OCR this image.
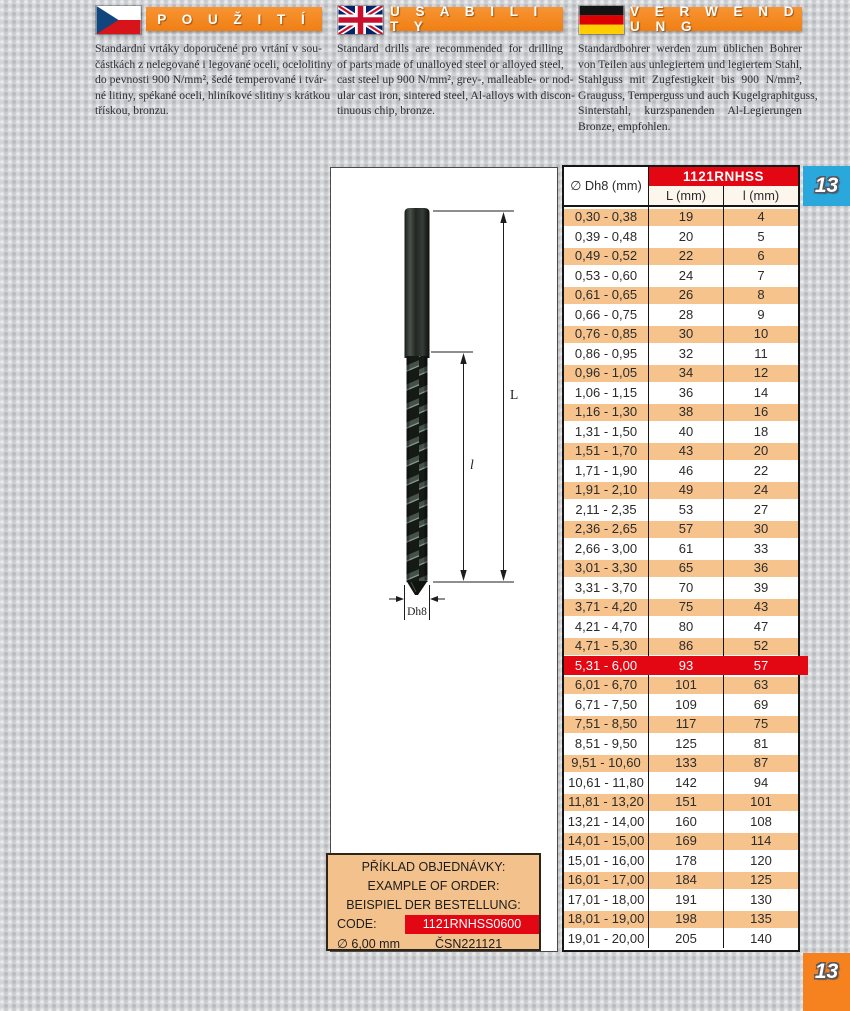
P O U Ž I T Í
Standardní vrtáky doporučené pro vrtání v sou-
částkách z nelegované i legované oceli, ocelolitiny
do pevnosti 900 N/mm², šedé temperované i tvár-
né litiny, spékané oceli, hliníkové slitiny s krátkou
třískou, bronzu.
U S A B I L I T Y
Standard drills are recommended for drilling
of parts made of unalloyed steel or alloyed steel,
cast steel up 900 N/mm², grey-, malleable- or nod-
ular cast iron, sintered steel, Al-alloys with discon-
tinuous chip, bronze.
V E R W E N D U N G
Standardbohrer werden zum üblichen Bohrer
von Teilen aus unlegiertem und legiertem Stahl,
Stahlguss mit Zugfestigkeit bis 900 N/mm²,
Grauguss, Temperguss und auch Kugelgraphitguss,
Sinterstahl, kurzspanenden Al-Legierungen
Bronze, empfohlen.
L
l
Dh8
∅ Dh8 (mm)
1121RNHSS
L (mm)	l (mm)
0,30 - 0,38	19	4
0,39 - 0,48	20	5
0,49 - 0,52	22	6
0,53 - 0,60	24	7
0,61 - 0,65	26	8
0,66 - 0,75	28	9
0,76 - 0,85	30	10
0,86 - 0,95	32	11
0,96 - 1,05	34	12
1,06 - 1,15	36	14
1,16 - 1,30	38	16
1,31 - 1,50	40	18
1,51 - 1,70	43	20
1,71 - 1,90	46	22
1,91 - 2,10	49	24
2,11 - 2,35	53	27
2,36 - 2,65	57	30
2,66 - 3,00	61	33
3,01 - 3,30	65	36
3,31 - 3,70	70	39
3,71 - 4,20	75	43
4,21 - 4,70	80	47
4,71 - 5,30	86	52
5,31 - 6,00	93	57
6,01 - 6,70	101	63
6,71 - 7,50	109	69
7,51 - 8,50	117	75
8,51 - 9,50	125	81
9,51 - 10,60	133	87
10,61 - 11,80	142	94
11,81 - 13,20	151	101
13,21 - 14,00	160	108
14,01 - 15,00	169	114
15,01 - 16,00	178	120
16,01 - 17,00	184	125
17,01 - 18,00	191	130
18,01 - 19,00	198	135
19,01 - 20,00	205	140
13
13
PŘÍKLAD OBJEDNÁVKY:
EXAMPLE OF ORDER:
BEISPIEL DER BESTELLUNG:
CODE:	1121RNHSS0600
∅ 6,00 mm	ČSN221121
